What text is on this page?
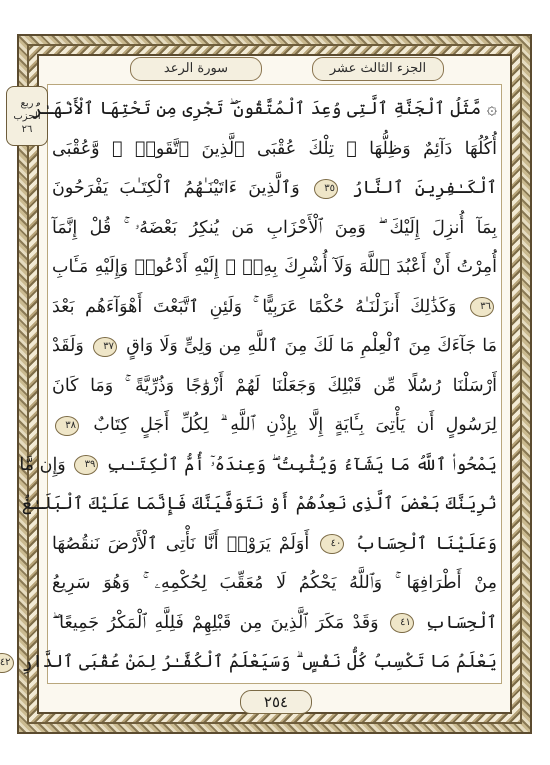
الجزء الثالث عشر
سورة الرعد
ربع
الحزب
٢٦
۞ مَّثَلُ ٱلْجَنَّةِ ٱلَّتِى وُعِدَ ٱلْمُتَّقُونَ ۖ تَجْرِى مِن تَحْتِهَا ٱلْأَنْهَـٰرُ
أُكُلُهَا دَآئِمٌ وَظِلُّهَا ۚ تِلْكَ عُقْبَى ٱلَّذِينَ ٱتَّقَوا۟ ۖ وَّعُقْبَى
ٱلْكَـٰفِرِينَ ٱلنَّارُ ٣٥ وَٱلَّذِينَ ءَاتَيْنَـٰهُمُ ٱلْكِتَـٰبَ يَفْرَحُونَ
بِمَآ أُنزِلَ إِلَيْكَ ۖ وَمِنَ ٱلْأَحْزَابِ مَن يُنكِرُ بَعْضَهُۥ ۚ قُلْ إِنَّمَآ
أُمِرْتُ أَنْ أَعْبُدَ ٱللَّهَ وَلَآ أُشْرِكَ بِهِۦٓ ۚ إِلَيْهِ أَدْعُوا۟ وَإِلَيْهِ مَـَٔابِ
٣٦ وَكَذَٰلِكَ أَنزَلْنَـٰهُ حُكْمًا عَرَبِيًّا ۚ وَلَئِنِ ٱتَّبَعْتَ أَهْوَآءَهُم بَعْدَ
مَا جَآءَكَ مِنَ ٱلْعِلْمِ مَا لَكَ مِنَ ٱللَّهِ مِن وَلِىٍّ وَلَا وَاقٍ ٣٧ وَلَقَدْ
أَرْسَلْنَا رُسُلًا مِّن قَبْلِكَ وَجَعَلْنَا لَهُمْ أَزْوَٰجًا وَذُرِّيَّةً ۚ وَمَا كَانَ
لِرَسُولٍ أَن يَأْتِىَ بِـَٔايَةٍ إِلَّا بِإِذْنِ ٱللَّهِ ۗ لِكُلِّ أَجَلٍ كِتَابٌ ٣٨
يَمْحُوا۟ ٱللَّهُ مَا يَشَآءُ وَيُثْبِتُ ۖ وَعِندَهُۥٓ أُمُّ ٱلْكِتَـٰبِ ٣٩ وَإِن مَّا
نُرِيَنَّكَ بَعْضَ ٱلَّذِى نَعِدُهُمْ أَوْ نَتَوَفَّيَنَّكَ فَإِنَّمَا عَلَيْكَ ٱلْبَلَـٰغُ
وَعَلَيْنَا ٱلْحِسَابُ ٤٠ أَوَلَمْ يَرَوْا۟ أَنَّا نَأْتِى ٱلْأَرْضَ نَنقُصُهَا
مِنْ أَطْرَافِهَا ۚ وَٱللَّهُ يَحْكُمُ لَا مُعَقِّبَ لِحُكْمِهِۦ ۚ وَهُوَ سَرِيعُ
ٱلْحِسَابِ ٤١ وَقَدْ مَكَرَ ٱلَّذِينَ مِن قَبْلِهِمْ فَلِلَّهِ ٱلْمَكْرُ جَمِيعًا ۖ
يَعْلَمُ مَا تَكْسِبُ كُلُّ نَفْسٍ ۗ وَسَيَعْلَمُ ٱلْكُفَّـٰرُ لِمَنْ عُقْبَى ٱلدَّارِ ٤٢
٢٥٤
